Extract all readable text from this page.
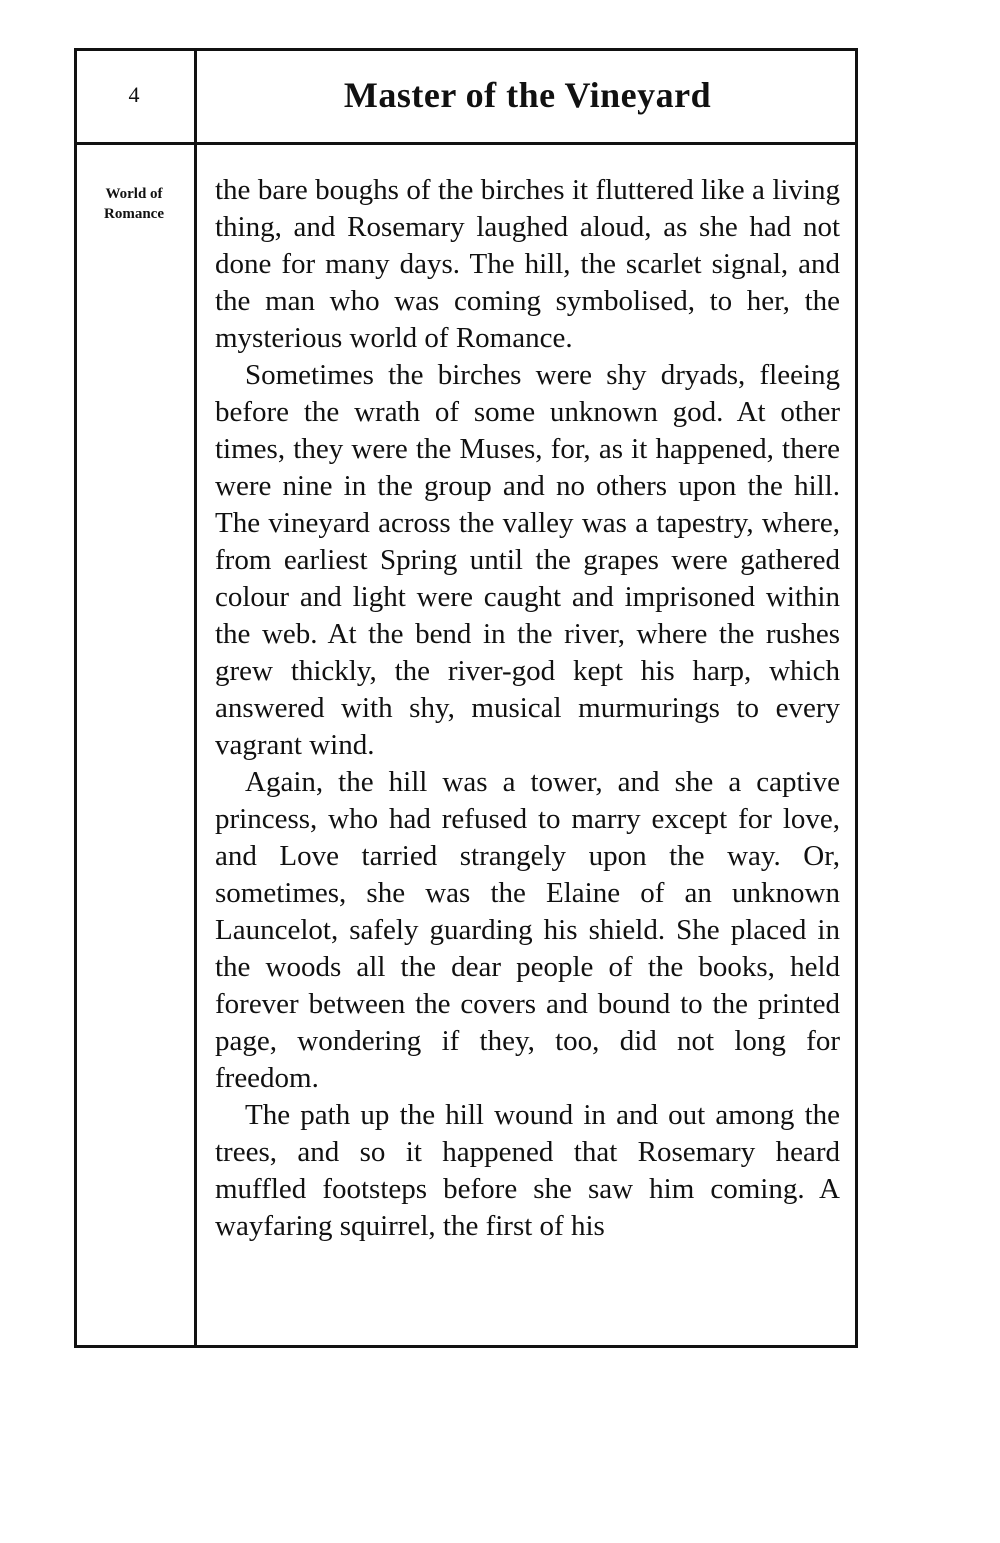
4	Master of the Vineyard
World of
Romance

the bare boughs of the birches it fluttered like a living thing, and Rosemary laughed aloud, as she had not done for many days. The hill, the scarlet signal, and the man who was coming symbolised, to her, the mysterious world of Romance.

Sometimes the birches were shy dryads, fleeing before the wrath of some unknown god. At other times, they were the Muses, for, as it happened, there were nine in the group and no others upon the hill. The vineyard across the valley was a tapestry, where, from earliest Spring until the grapes were gathered colour and light were caught and imprisoned within the web. At the bend in the river, where the rushes grew thickly, the river-god kept his harp, which answered with shy, musical murmurings to every vagrant wind.

Again, the hill was a tower, and she a captive princess, who had refused to marry except for love, and Love tarried strangely upon the way. Or, sometimes, she was the Elaine of an unknown Launcelot, safely guarding his shield. She placed in the woods all the dear people of the books, held forever between the covers and bound to the printed page, wondering if they, too, did not long for freedom.

The path up the hill wound in and out among the trees, and so it happened that Rosemary heard muffled footsteps before she saw him coming. A wayfaring squirrel, the first of his
